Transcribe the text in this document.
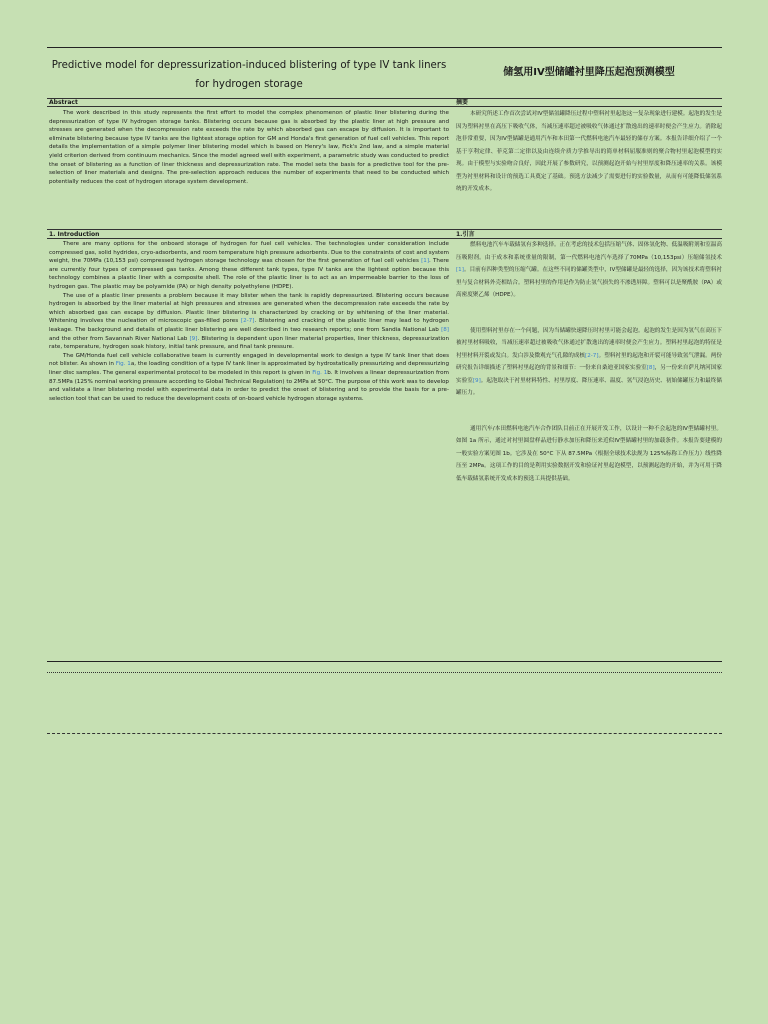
Predictive model for depressurization-induced blistering of type IV tank liners for hydrogen storage
储氢用IV型储罐衬里降压起泡预测模型
Abstract	摘要

The work described in this study represents the first effort to model the complex phenomenon of plastic liner blistering during the depressurization of type IV hydrogen storage tanks. Blistering occurs because gas is absorbed by the plastic liner at high pressure and stresses are generated when the decompression rate exceeds the rate by which absorbed gas can escape by diffusion. It is important to eliminate blistering because type IV tanks are the lightest storage option for GM and Honda's first generation of fuel cell vehicles. This report details the implementation of a simple polymer liner blistering model which is based on Henry's law, Fick's 2nd law, and a simple material yield criterion derived from continuum mechanics. Since the model agreed well with experiment, a parametric study was conducted to predict the onset of blistering as a function of liner thickness and depressurization rate. The model sets the basis for a predictive tool for the pre-selection of liner materials and designs. The pre-selection approach reduces the number of experiments that need to be conducted which potentially reduces the cost of hydrogen storage system development.

本研究所述工作首次尝试对IV型储氢罐降压过程中塑料衬里起泡这一复杂现象进行建模。起泡的发生是因为塑料衬里在高压下吸收气体，当减压速率超过被吸收气体通过扩散逸出的速率时便会产生应力。消除起泡非常重要，因为IV型储罐是通用汽车和本田第一代燃料电池汽车最轻的储存方案。本报告详细介绍了一个基于亨利定律、菲克第二定律以及由连续介质力学推导出的简单材料屈服准则的聚合物衬里起泡模型的实现。由于模型与实验吻合良好，因此开展了参数研究，以预测起泡开始与衬里厚度和降压速率的关系。该模型为衬里材料和设计的预选工具奠定了基础。预选方法减少了需要进行的实验数量，从而有可能降低储氢系统的开发成本。

1. Introduction	1.引言

There are many options for the onboard storage of hydrogen for fuel cell vehicles. The technologies under consideration include compressed gas, solid hydrides, cryo-adsorbents, and room temperature high pressure adsorbents. Due to the constraints of cost and system weight, the 70MPa (10,153 psi) compressed hydrogen storage technology was chosen for the first generation of fuel cell vehicles [1]. There are currently four types of compressed gas tanks. Among these different tank types, type IV tanks are the lightest option because this technology combines a plastic liner with a composite shell. The role of the plastic liner is to act as an impermeable barrier to the loss of hydrogen gas. The plastic may be polyamide (PA) or high density polyethylene (HDPE).

The use of a plastic liner presents a problem because it may blister when the tank is rapidly depressurized. Blistering occurs because hydrogen is absorbed by the liner material at high pressures and stresses are generated when the decompression rate exceeds the rate by which absorbed gas can escape by diffusion. Plastic liner blistering is characterized by cracking or by whitening of the liner material. Whitening involves the nucleation of microscopic gas-filled pores [2-7]. Blistering and cracking of the plastic liner may lead to hydrogen leakage. The background and details of plastic liner blistering are well described in two research reports; one from Sandia National Lab [8] and the other from Savannah River National Lab [9]. Blistering is dependent upon liner material properties, liner thickness, depressurization rate, temperature, hydrogen soak history, initial tank pressure, and final tank pressure.

The GM/Honda fuel cell vehicle collaborative team is currently engaged in developmental work to design a type IV tank liner that does not blister. As shown in Fig. 1a, the loading condition of a type IV tank liner is approximated by hydrostatically pressurizing and depressurizing liner disc samples. The general experimental protocol to be modeled in this report is given in Fig. 1b. It involves a linear depressurization from 87.5MPa (125% nominal working pressure according to Global Technical Regulation) to 2MPa at 50°C. The purpose of this work was to develop and validate a liner blistering model with experimental data in order to predict the onset of blistering and to provide the basis for a pre-selection tool that can be used to reduce the development costs of on-board vehicle hydrogen storage systems.

燃料电池汽车车载储氢有多种选择。正在考虑的技术包括压缩气体、固体氢化物、低温吸附剂和室温高压吸附剂。由于成本和系统重量的限制，第一代燃料电池汽车选择了70MPa（10,153psi）压缩储氢技术[1]。目前有四种类型的压缩气罐。在这些不同的储罐类型中，IV型储罐是最轻的选择，因为该技术将塑料衬里与复合材料外壳相结合。塑料衬里的作用是作为防止氢气损失的不渗透屏障。塑料可以是聚酰胺（PA）或高密度聚乙烯（HDPE）。

使用塑料衬里存在一个问题，因为当储罐快速降压时衬里可能会起泡。起泡的发生是因为氢气在高压下被衬里材料吸收，当减压速率超过被吸收气体通过扩散逸出的速率时便会产生应力。塑料衬里起泡的特征是衬里材料开裂或发白。发白涉及微观充气孔隙的成核[2-7]。塑料衬里的起泡和开裂可能导致氢气泄漏。两份研究报告详细描述了塑料衬里起泡的背景和细节：一份来自桑迪亚国家实验室[8]，另一份来自萨凡纳河国家实验室[9]。起泡取决于衬里材料特性、衬里厚度、降压速率、温度、氢气浸泡历史、初始储罐压力和最终储罐压力。

通用汽车/本田燃料电池汽车合作团队目前正在开展开发工作，以设计一种不会起泡的IV型储罐衬里。如图 1a 所示，通过对衬里圆盘样品进行静水加压和降压来近似IV型储罐衬里的加载条件。本报告要建模的一般实验方案见图 1b。它涉及在 50°C 下从 87.5MPa（根据全球技术法规为 125%标称工作压力）线性降压至 2MPa。这项工作的目的是利用实验数据开发和验证衬里起泡模型，以预测起泡的开始，并为可用于降低车载储氢系统开发成本的预选工具提供基础。
